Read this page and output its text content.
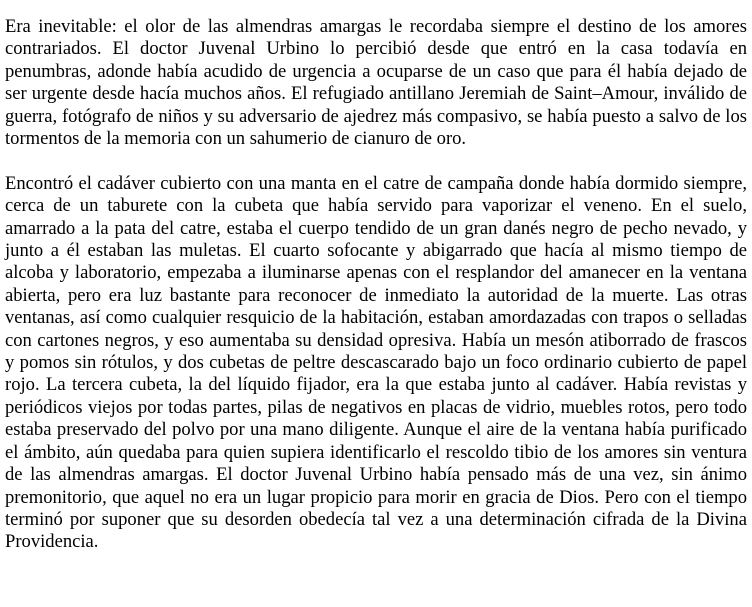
Era inevitable: el olor de las almendras amargas le recordaba siempre el destino de los amores contrariados. El doctor Juvenal Urbino lo percibió desde que entró en la casa todavía en penumbras, adonde había acudido de urgencia a ocuparse de un caso que para él había dejado de ser urgente desde hacía muchos años. El refugiado antillano Jeremiah de Saint–Amour, inválido de guerra, fotógrafo de niños y su adversario de ajedrez más compasivo, se había puesto a salvo de los tormentos de la memoria con un sahumerio de cianuro de oro.

Encontró el cadáver cubierto con una manta en el catre de campaña donde había dormido siempre, cerca de un taburete con la cubeta que había servido para vaporizar el veneno. En el suelo, amarrado a la pata del catre, estaba el cuerpo tendido de un gran danés negro de pecho nevado, y junto a él estaban las muletas. El cuarto sofocante y abigarrado que hacía al mismo tiempo de alcoba y laboratorio, empezaba a iluminarse apenas con el resplandor del amanecer en la ventana abierta, pero era luz bastante para reconocer de inmediato la autoridad de la muerte. Las otras ventanas, así como cualquier resquicio de la habitación, estaban amordazadas con trapos o selladas con cartones negros, y eso aumentaba su densidad opresiva. Había un mesón atiborrado de frascos y pomos sin rótulos, y dos cubetas de peltre descascarado bajo un foco ordinario cubierto de papel rojo. La tercera cubeta, la del líquido fijador, era la que estaba junto al cadáver. Había revistas y periódicos viejos por todas partes, pilas de negativos en placas de vidrio, muebles rotos, pero todo estaba preservado del polvo por una mano diligente. Aunque el aire de la ventana había purificado el ámbito, aún quedaba para quien supiera identificarlo el rescoldo tibio de los amores sin ventura de las almendras amargas. El doctor Juvenal Urbino había pensado más de una vez, sin ánimo premonitorio, que aquel no era un lugar propicio para morir en gracia de Dios. Pero con el tiempo terminó por suponer que su desorden obedecía tal vez a una determinación cifrada de la Divina Providencia.
